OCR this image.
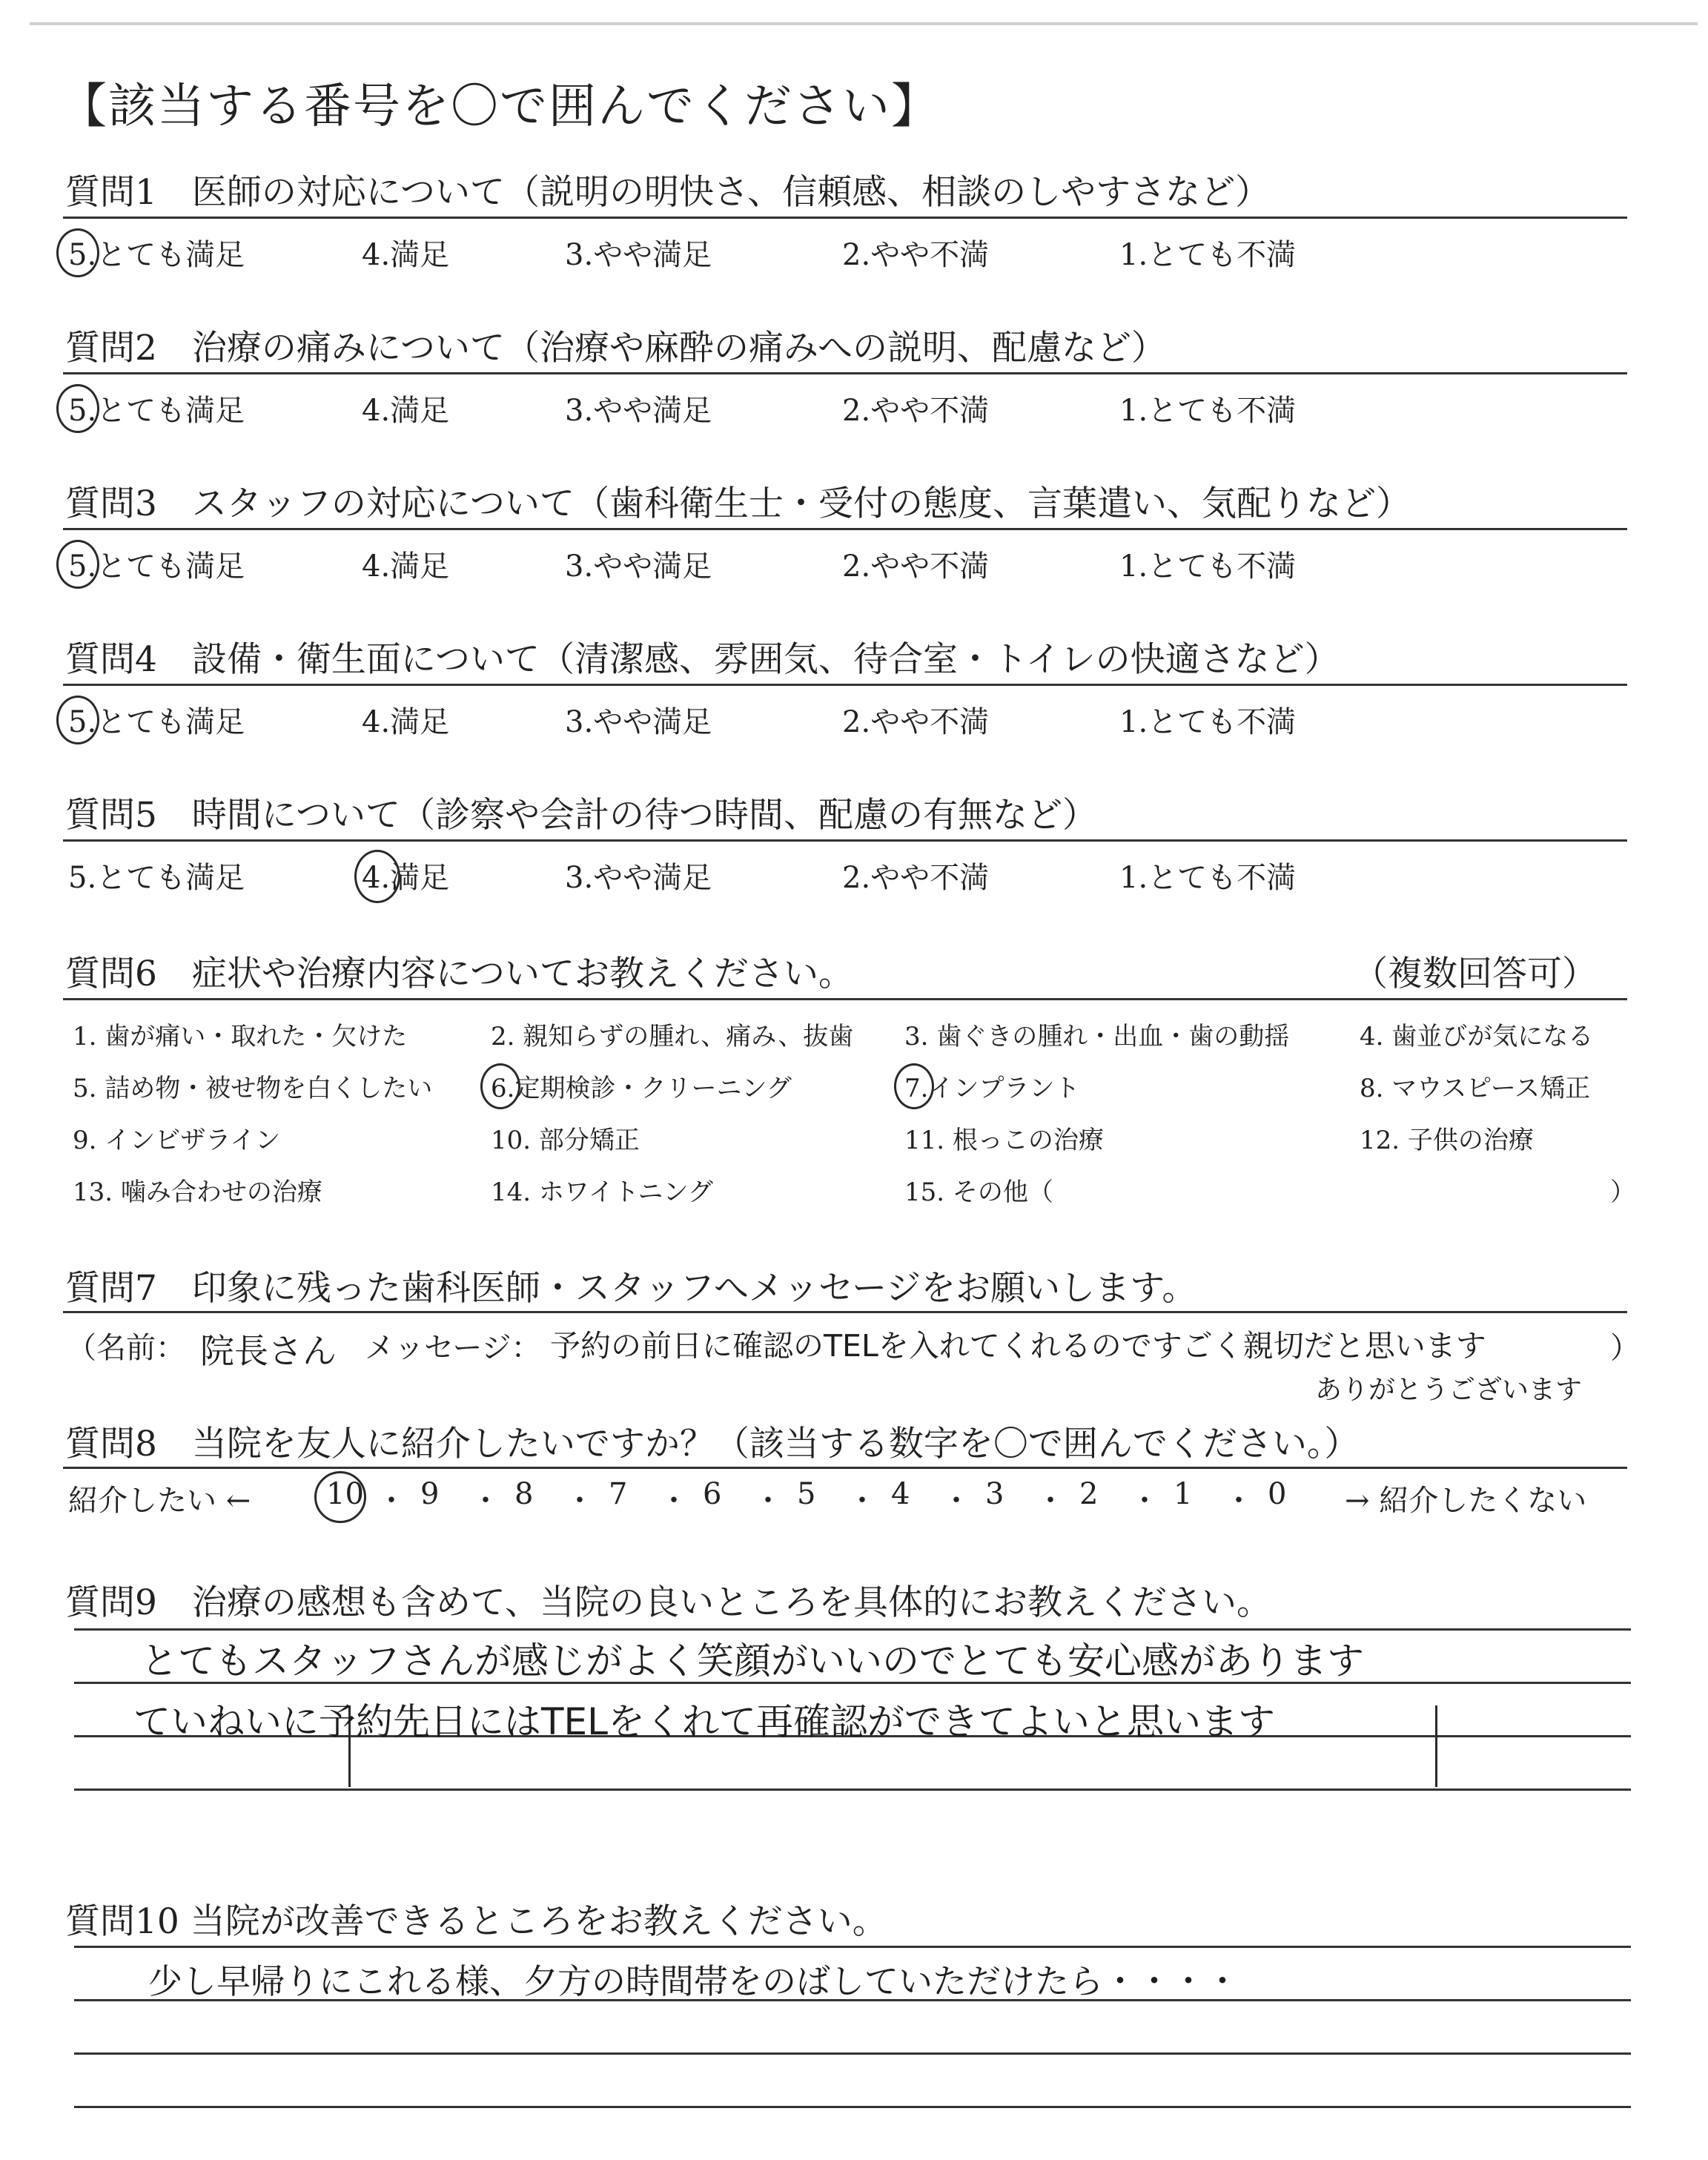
【該当する番号を〇で囲んでください】
質問1　医師の対応について（説明の明快さ、信頼感、相談のしやすさなど）
5.とても満足	4.満足	3.やや満足	2.やや不満	1.とても不満
質問2　治療の痛みについて（治療や麻酔の痛みへの説明、配慮など）
5.とても満足	4.満足	3.やや満足	2.やや不満	1.とても不満
質問3　スタッフの対応について（歯科衛生士・受付の態度、言葉遣い、気配りなど）
5.とても満足	4.満足	3.やや満足	2.やや不満	1.とても不満
質問4　設備・衛生面について（清潔感、雰囲気、待合室・トイレの快適さなど）
5.とても満足	4.満足	3.やや満足	2.やや不満	1.とても不満
質問5　時間について（診察や会計の待つ時間、配慮の有無など）
5.とても満足	4.満足	3.やや満足	2.やや不満	1.とても不満
質問6　症状や治療内容についてお教えください。	（複数回答可）
1. 歯が痛い・取れた・欠けた	2. 親知らずの腫れ、痛み、抜歯 3. 歯ぐきの腫れ・出血・歯の動揺	4. 歯並びが気になる
5. 詰め物・被せ物を白くしたい 6.定期検診・クリーニング	7.インプラント	8. マウスピース矯正
9. インビザライン	10. 部分矯正	11. 根っこの治療	12. 子供の治療
13. 噛み合わせの治療	14. ホワイトニング	15. その他（	）
質問7　印象に残った歯科医師・スタッフへメッセージをお願いします。
（名前： 院長さん メッセージ： 予約の前日に確認のTELを入れてくれるのですごく親切だと思います
ありがとうございます
）
質問8　当院を友人に紹介したいですか？（該当する数字を〇で囲んでください。）
紹介したい ←	→ 紹介したくない
10 ・ 9 ・ 8 ・ 7 ・ 6 ・ 5 ・ 4 ・ 3 ・ 2 ・ 1 ・ 0
質問9　治療の感想も含めて、当院の良いところを具体的にお教えください。
とてもスタッフさんが感じがよく笑顔がいいのでとても安心感があります
ていねいに予約先日にはTELをくれて再確認ができてよいと思います
質問10 当院が改善できるところをお教えください。
少し早帰りにこれる様、夕方の時間帯をのばしていただけたら・・・・
